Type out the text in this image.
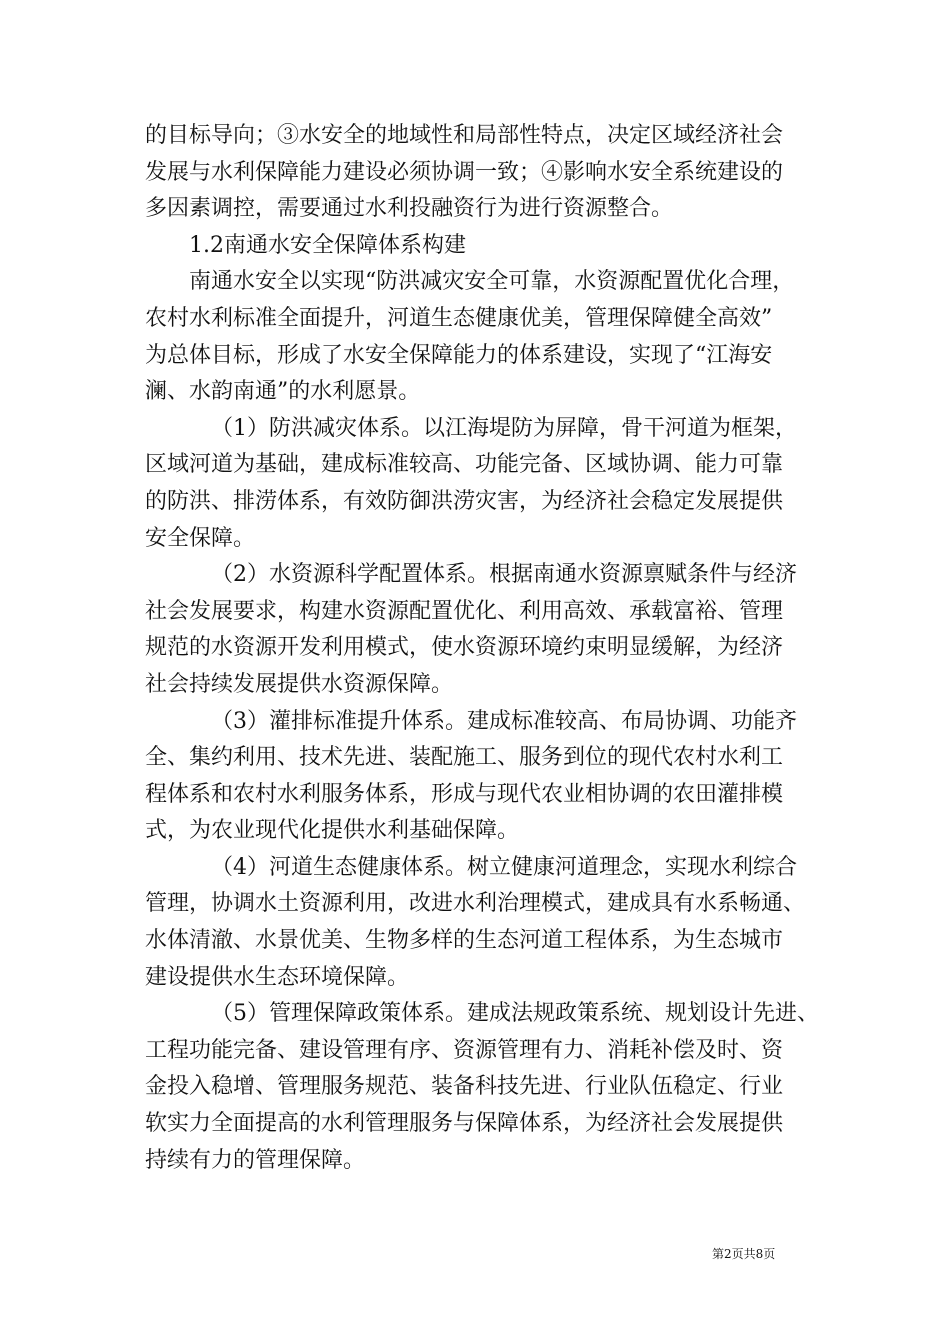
的目标导向；③水安全的地域性和局部性特点，决定区域经济社会
发展与水利保障能力建设必须协调一致；④影响水安全系统建设的
多因素调控，需要通过水利投融资行为进行资源整合。
1.2南通水安全保障体系构建
南通水安全以实现“防洪减灾安全可靠，水资源配置优化合理，
农村水利标准全面提升，河道生态健康优美，管理保障健全高效”
为总体目标，形成了水安全保障能力的体系建设，实现了“江海安
澜、水韵南通”的水利愿景。
（1）防洪减灾体系。以江海堤防为屏障，骨干河道为框架，
区域河道为基础，建成标准较高、功能完备、区域协调、能力可靠
的防洪、排涝体系，有效防御洪涝灾害，为经济社会稳定发展提供
安全保障。
（2）水资源科学配置体系。根据南通水资源禀赋条件与经济
社会发展要求，构建水资源配置优化、利用高效、承载富裕、管理
规范的水资源开发利用模式，使水资源环境约束明显缓解，为经济
社会持续发展提供水资源保障。
（3）灌排标准提升体系。建成标准较高、布局协调、功能齐
全、集约利用、技术先进、装配施工、服务到位的现代农村水利工
程体系和农村水利服务体系，形成与现代农业相协调的农田灌排模
式，为农业现代化提供水利基础保障。
（4）河道生态健康体系。树立健康河道理念，实现水利综合
管理，协调水土资源利用，改进水利治理模式，建成具有水系畅通、
水体清澈、水景优美、生物多样的生态河道工程体系，为生态城市
建设提供水生态环境保障。
（5）管理保障政策体系。建成法规政策系统、规划设计先进、
工程功能完备、建设管理有序、资源管理有力、消耗补偿及时、资
金投入稳增、管理服务规范、装备科技先进、行业队伍稳定、行业
软实力全面提高的水利管理服务与保障体系，为经济社会发展提供
持续有力的管理保障。
第2页共8页
